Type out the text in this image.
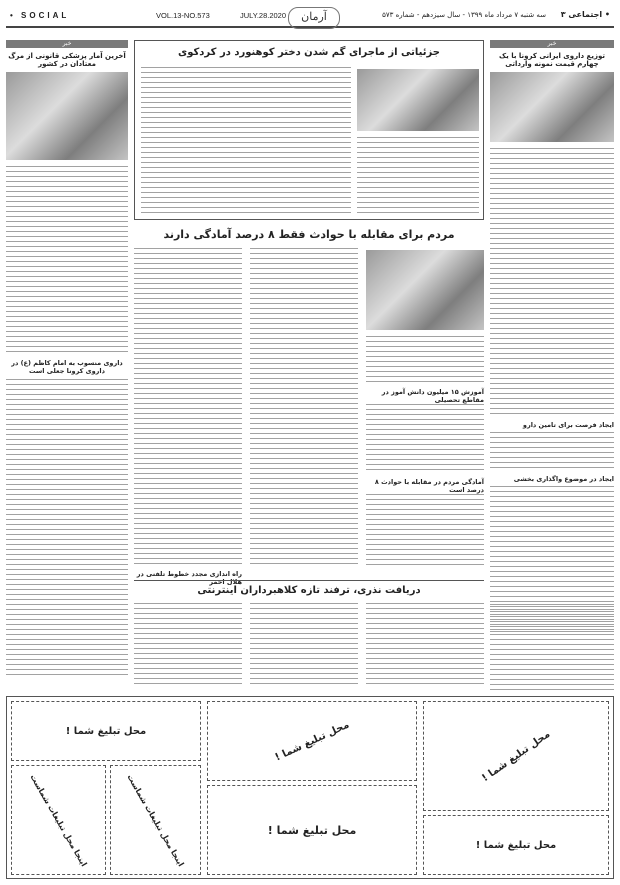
• SOCIAL	VOL.13-NO.573	JULY.28.2020	آرمان	سه شنبه ۷ مرداد ماه ۱۳۹۹ - سال سیزدهم - شماره ۵۷۳ • اجتماعی ۳
خبر
توزیع داروی ایرانی کرونا با یک چهارم قیمت نمونه وارداتی
ایجاد فرصت برای تامین دارو
ایجاد در موضوع واگذاری بخشی
جزئیاتی از ماجرای گم شدن دختر کوهنورد در کردکوی
مردم برای مقابله با حوادث فقط ۸ درصد آمادگی دارند
آموزش ۱۵ میلیون دانش آموز در مقاطع تحصیلی
آمادگی مردم در مقابله با حوادث ۸ درصد است
راه اندازی مجدد خطوط تلفنی در هلال احمر
دریافت نذری، ترفند تازه کلاهبرداران اینترنتی
خبر
آخرین آمار پزشکی قانونی از مرگ معتادان در کشور
داروی منسوب به امام کاظم (ع) در داروی کرونا جعلی است
محل تبلیغ شما !	محل تبلیغ شما !	محل تبلیغ شما !
اینجا محل تبلیغات شماست	اینجا محل تبلیغات شماست	محل تبلیغ شما !
محل تبلیغ شما !
